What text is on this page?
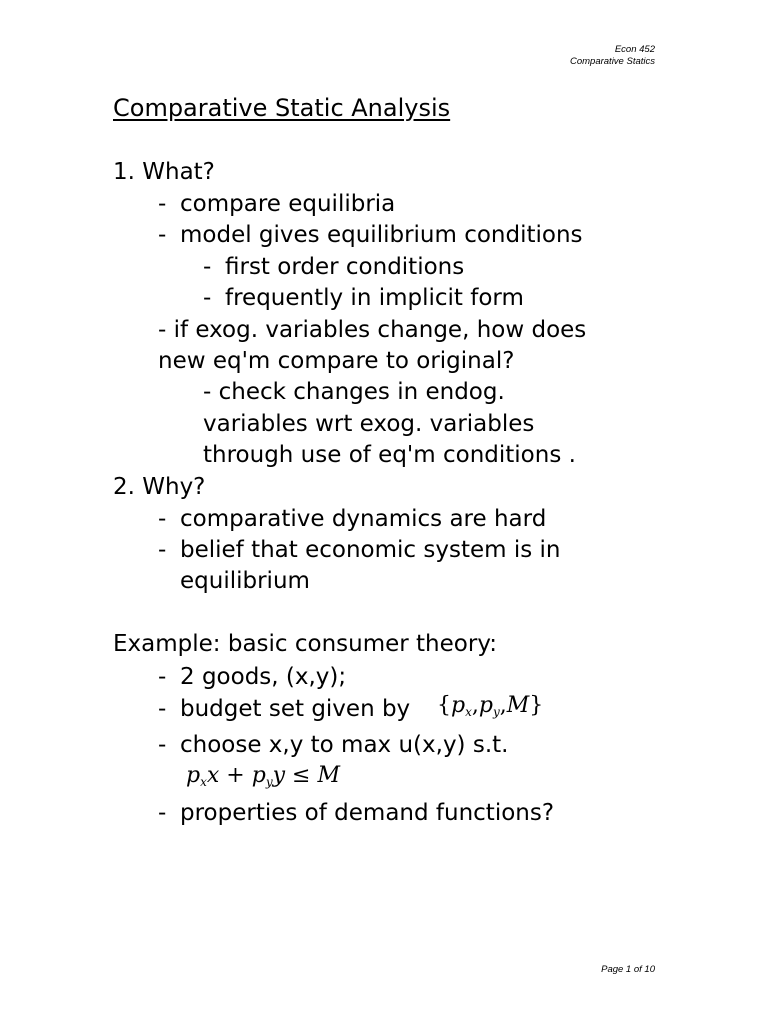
Econ 452
Comparative Statics
Comparative Static Analysis
1. What?
- compare equilibria
- model gives equilibrium conditions
- first order conditions
- frequently in implicit form
- if exog. variables change, how does
new eq'm compare to original?
- check changes in endog.
variables wrt exog. variables
through use of eq'm conditions .
2. Why?
- comparative dynamics are hard
- belief that economic system is in
equilibrium
Example: basic consumer theory:
- 2 goods, (x,y);
- budget set given by $\{p_x,p_y,M\}$
- choose x,y to max u(x,y) s.t.
$p_xx + p_yy \le M$
- properties of demand functions?
Page 1 of 10
